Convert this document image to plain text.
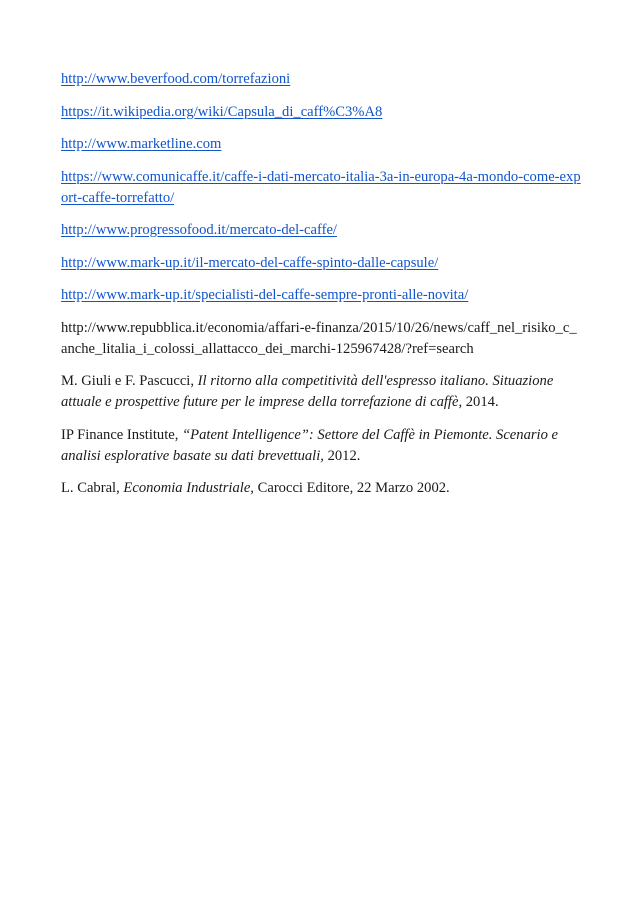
http://www.beverfood.com/torrefazioni

https://it.wikipedia.org/wiki/Capsula_di_caff%C3%A8

http://www.marketline.com

https://www.comunicaffe.it/caffe-i-dati-mercato-italia-3a-in-europa-4a-mondo-come-export-caffe-torrefatto/

http://www.progressofood.it/mercato-del-caffe/

http://www.mark-up.it/il-mercato-del-caffe-spinto-dalle-capsule/

http://www.mark-up.it/specialisti-del-caffe-sempre-pronti-alle-novita/

http://www.repubblica.it/economia/affari-e-finanza/2015/10/26/news/caff_nel_risiko_c_anche_litalia_i_colossi_allattacco_dei_marchi-125967428/?ref=search

M. Giuli e F. Pascucci, Il ritorno alla competitività dell'espresso italiano. Situazione attuale e prospettive future per le imprese della torrefazione di caffè, 2014.

IP Finance Institute, “Patent Intelligence”: Settore del Caffè in Piemonte. Scenario e analisi esplorative basate su dati brevettuali, 2012.

L. Cabral, Economia Industriale, Carocci Editore, 22 Marzo 2002.
